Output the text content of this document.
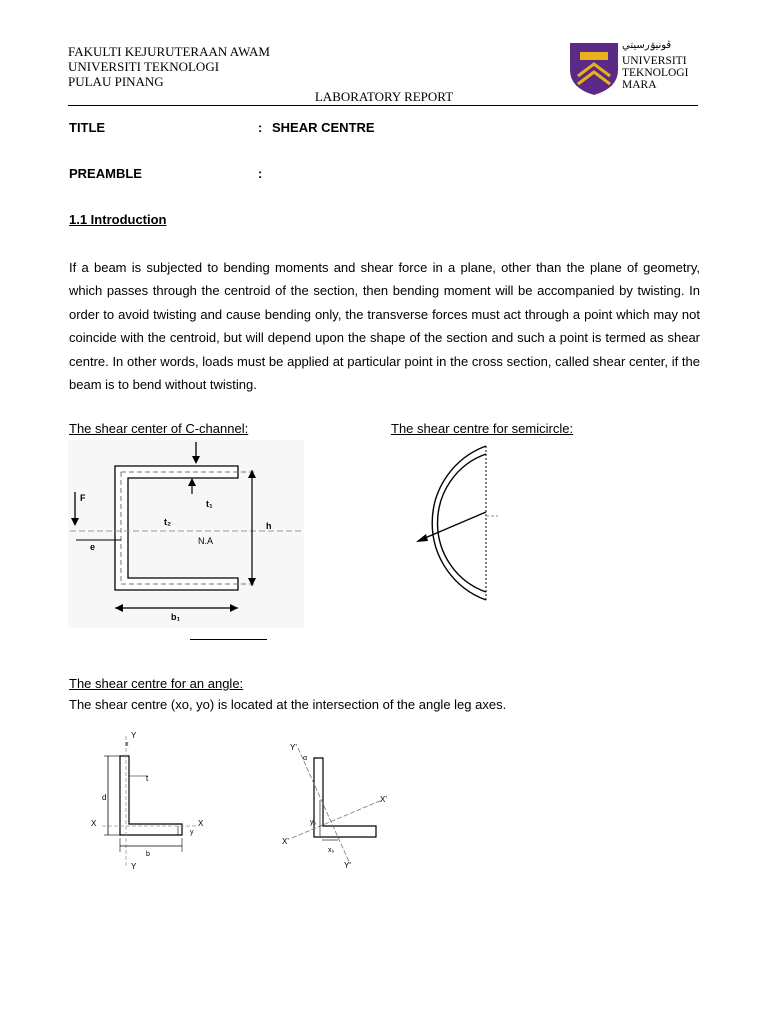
FAKULTI KEJURUTERAAN AWAM
UNIVERSITI TEKNOLOGI
PULAU PINANG
LABORATORY REPORT
ڤونيۏرسيتي
UNIVERSITI
TEKNOLOGI
MARA
TITLE	: SHEAR CENTRE
PREAMBLE	:
1.1 Introduction
If a beam is subjected to bending moments and shear force in a plane, other than the plane of geometry, which passes through the centroid of the section, then bending moment will be accompanied by twisting. In order to avoid twisting and cause bending only, the transverse forces must act through a point which may not coincide with the centroid, but will depend upon the shape of the section and such a point is termed as shear centre. In other words, loads must be applied at particular point in the cross section, called shear center, if the beam is to bend without twisting.
The shear center of C-channel:	The shear centre for semicircle:
F
e
t₁
t₂	h
N.A
b₁
The shear centre for an angle:
The shear centre (xo, yo) is located at the intersection of the angle leg axes.
Y
x
t
d
X	X
y
b
Y
Y'
α
X'
y₀
X'
x₀
Y'
